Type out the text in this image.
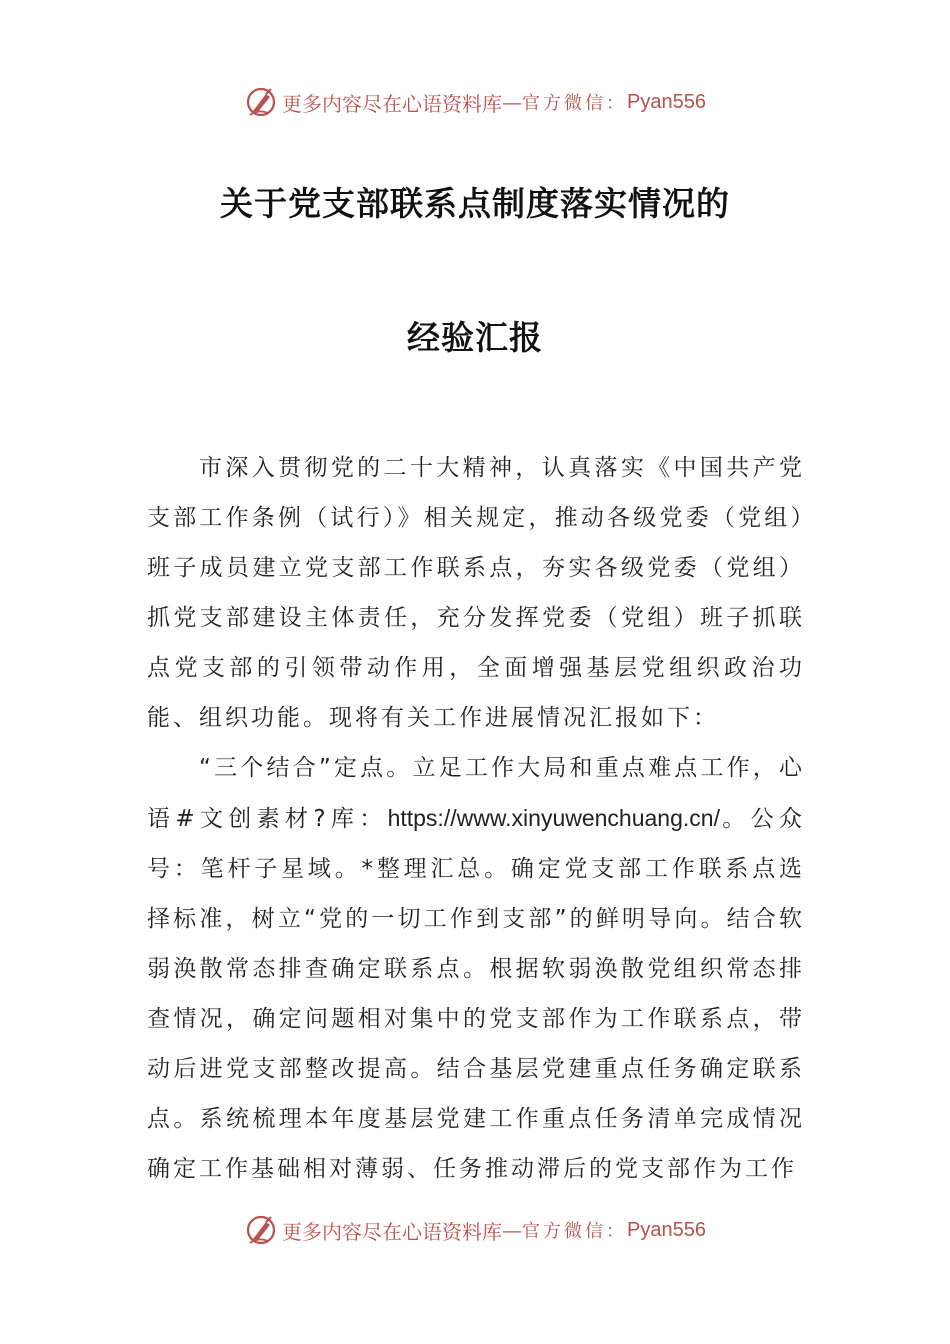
更多内容尽在心语资料库 — 官方微信： Pyan556
关于党支部联系点制度落实情况的
经验汇报

市深入贯彻党的二十大精神，认真落实《中国共产党支部工作条例（试行）》相关规定，推动各级党委（党组）班子成员建立党支部工作联系点，夯实各级党委（党组）抓党支部建设主体责任，充分发挥党委（党组）班子抓联点党支部的引领带动作用，全面增强基层党组织政治功能、组织功能。现将有关工作进展情况汇报如下：

“三个结合”定点。立足工作大局和重点难点工作，心语#文创素材?库：https://www.xinyuwenchuang.cn/。公众号：笔杆子星域。*整理汇总。确定党支部工作联系点选择标准，树立“党的一切工作到支部”的鲜明导向。结合软弱涣散常态排查确定联系点。根据软弱涣散党组织常态排查情况，确定问题相对集中的党支部作为工作联系点，带动后进党支部整改提高。结合基层党建重点任务确定联系点。系统梳理本年度基层党建工作重点任务清单完成情况确定工作基础相对薄弱、任务推动滞后的党支部作为工作

更多内容尽在心语资料库 — 官方微信： Pyan556
